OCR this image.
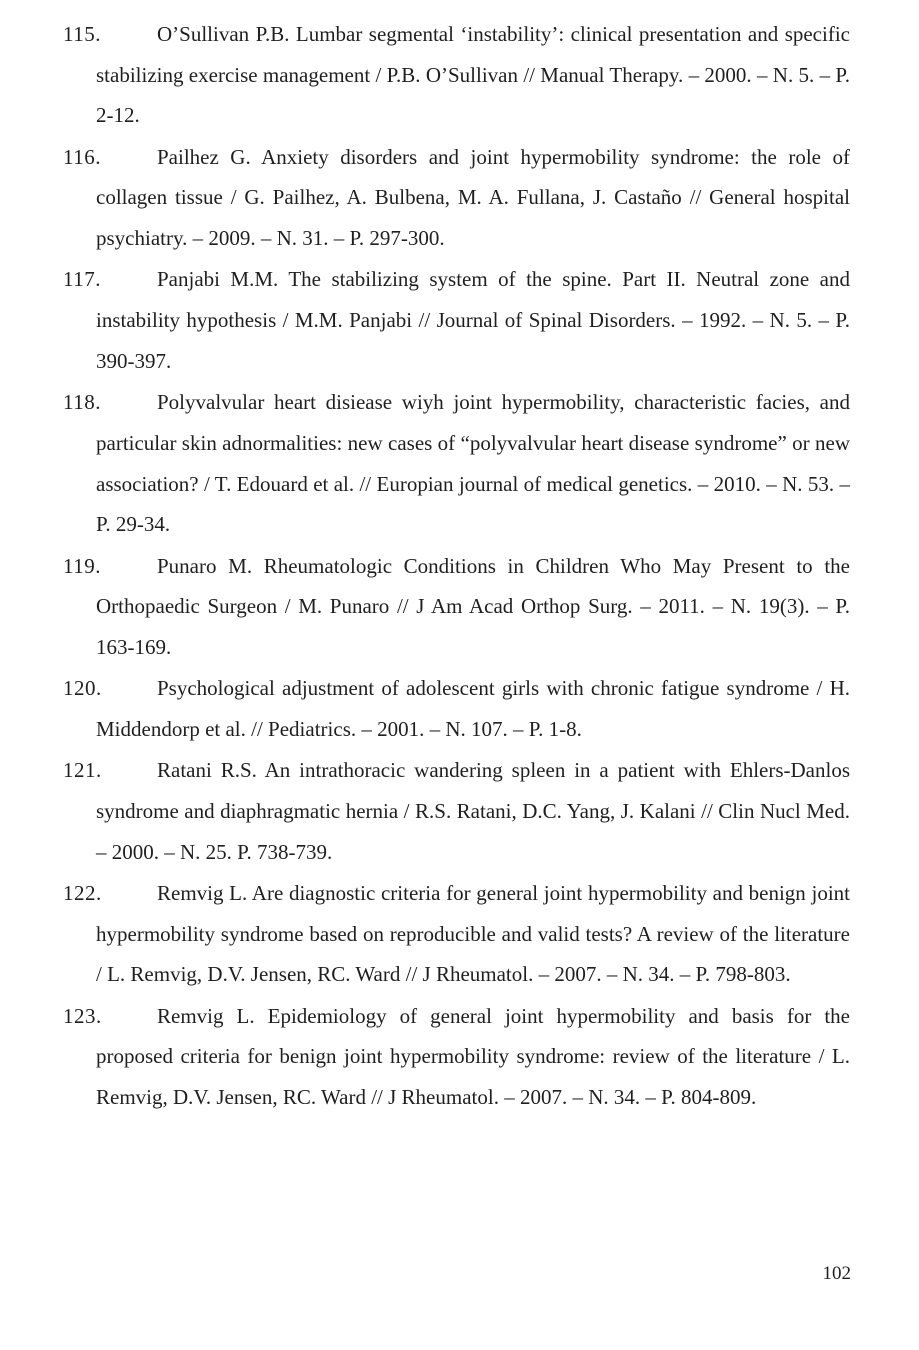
115.	O’Sullivan P.B. Lumbar segmental ‘instability’: clinical presentation and specific stabilizing exercise management / P.B. O’Sullivan // Manual Therapy. – 2000. – N. 5. – P. 2-12.
116.	Pailhez G. Anxiety disorders and joint hypermobility syndrome: the role of collagen tissue / G. Pailhez, A. Bulbena, M. A. Fullana, J. Castaño // General hospital psychiatry. – 2009. – N. 31. – P. 297-300.
117.	Panjabi M.M. The stabilizing system of the spine. Part II. Neutral zone and instability hypothesis / M.M. Panjabi // Journal of Spinal Disorders. – 1992. – N. 5. – P. 390-397.
118.	Polyvalvular heart disiease wiyh joint hypermobility, characteristic facies, and particular skin adnormalities: new cases of “polyvalvular heart disease syndrome” or new association? / T. Edouard et al. // Europian journal of medical genetics. – 2010. – N. 53. – P. 29-34.
119.	Punaro M. Rheumatologic Conditions in Children Who May Present to the Orthopaedic Surgeon / M. Punaro // J Am Acad Orthop Surg. – 2011. – N. 19(3). – P. 163-169.
120.	Psychological adjustment of adolescent girls with chronic fatigue syndrome / H. Middendorp et al. // Pediatrics. – 2001. – N. 107. – P. 1-8.
121.	Ratani R.S. An intrathoracic wandering spleen in a patient with Ehlers-Danlos syndrome and diaphragmatic hernia / R.S. Ratani, D.C. Yang, J. Kalani // Clin Nucl Med. – 2000. – N. 25. P. 738-739.
122.	Remvig L. Are diagnostic criteria for general joint hypermobility and benign joint hypermobility syndrome based on reproducible and valid tests? A review of the literature / L. Remvig, D.V. Jensen, RC. Ward // J Rheumatol. – 2007. – N. 34. – P. 798-803.
123.	Remvig L. Epidemiology of general joint hypermobility and basis for the proposed criteria for benign joint hypermobility syndrome: review of the literature / L. Remvig, D.V. Jensen, RC. Ward // J Rheumatol. – 2007. – N. 34. – P. 804-809.
102
